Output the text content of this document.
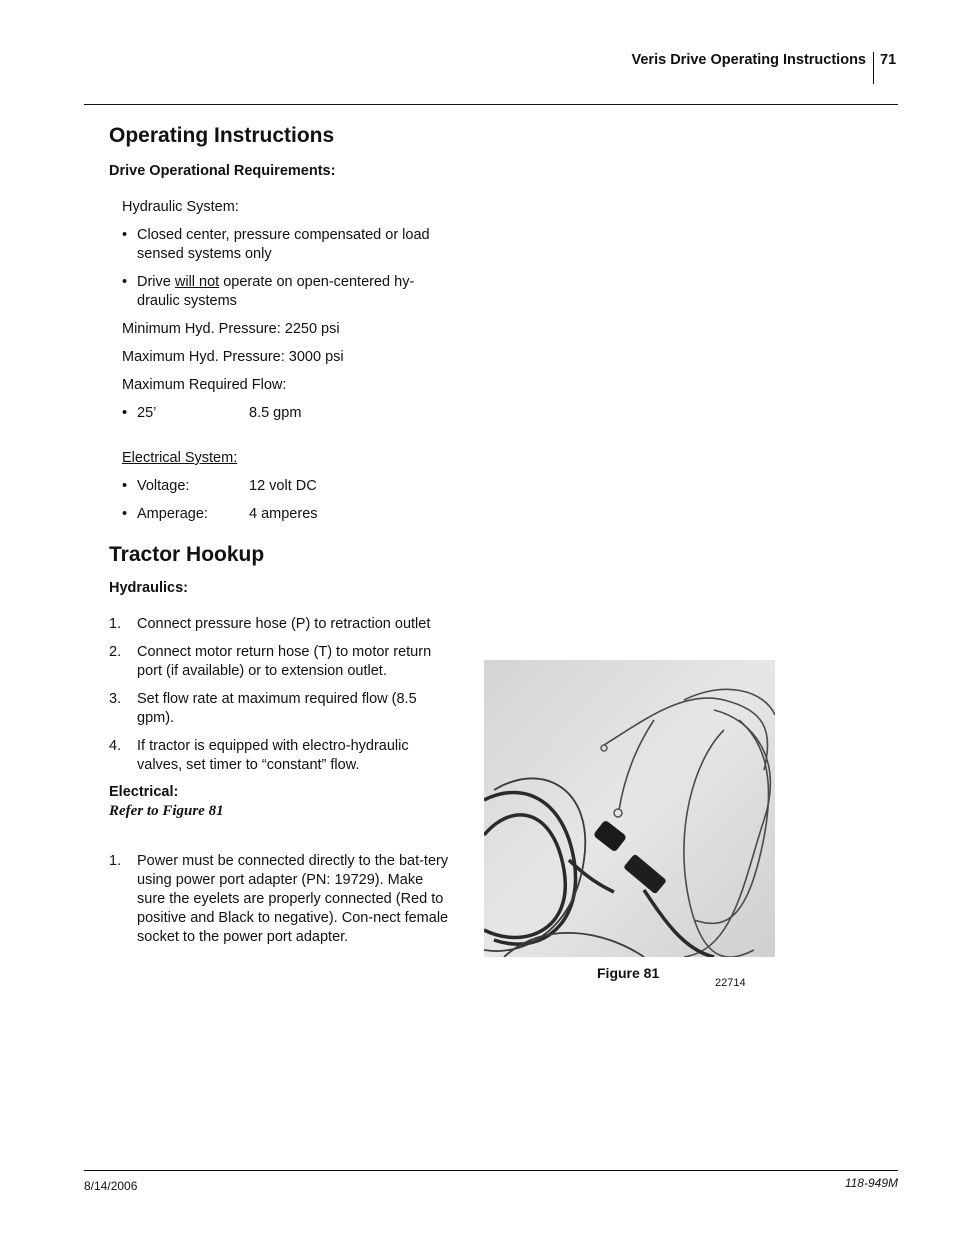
Veris Drive Operating Instructions 71
Operating Instructions
Drive Operational Requirements:

Hydraulic System:

• Closed center, pressure compensated or load sensed systems only

• Drive will not operate on open-centered hy-draulic systems

Minimum Hyd. Pressure: 2250 psi

Maximum Hyd. Pressure: 3000 psi

Maximum Required Flow:

• 25’	8.5 gpm

Electrical System:

• Voltage:	12 volt DC

• Amperage:	4 amperes

Tractor Hookup
Hydraulics:

1. Connect pressure hose (P) to retraction outlet

2. Connect motor return hose (T) to motor return port (if available) or to extension outlet.

3. Set flow rate at maximum required flow (8.5 gpm).

4. If tractor is equipped with electro-hydraulic valves, set timer to “constant” flow.

Electrical:

Refer to Figure 81

1. Power must be connected directly to the bat-tery using power port adapter (PN: 19729). Make sure the eyelets are properly connected (Red to positive and Black to negative). Con-nect female socket to the power port adapter.

Figure 81
22714
8/14/2006	118-949M
